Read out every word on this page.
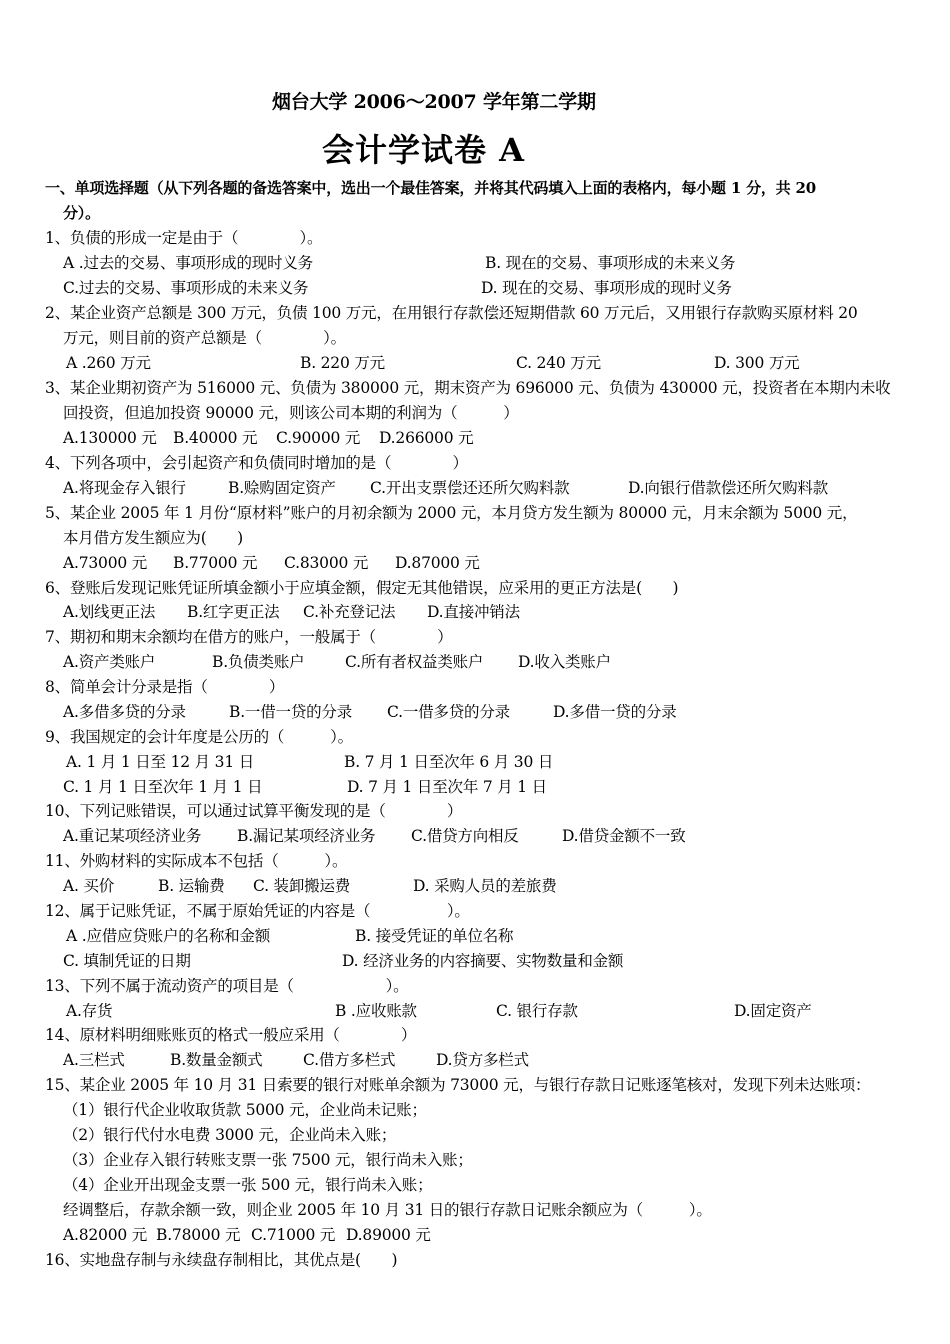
烟台大学 2006～2007 学年第二学期
会计学试卷 A
一、单项选择题（从下列各题的备选答案中，选出一个最佳答案，并将其代码填入上面的表格内，每小题 1 分，共 20
分）。
1、负债的形成一定是由于（　　　　）。
A .过去的交易、事项形成的现时义务	B. 现在的交易、事项形成的未来义务
C.过去的交易、事项形成的未来义务	D. 现在的交易、事项形成的现时义务
2、某企业资产总额是 300 万元，负债 100 万元，在用银行存款偿还短期借款 60 万元后，又用银行存款购买原材料 20
万元，则目前的资产总额是（　　　　）。
A .260 万元	B. 220 万元	C. 240 万元	D. 300 万元
3、某企业期初资产为 516000 元、负债为 380000 元，期末资产为 696000 元、负债为 430000 元，投资者在本期内未收
回投资，但追加投资 90000 元，则该公司本期的利润为（　　　）
A.130000 元 B.40000 元 C.90000 元 D.266000 元
4、下列各项中，会引起资产和负债同时增加的是（　　　　）
A.将现金存入银行	B.赊购固定资产 C.开出支票偿还还所欠购料款	D.向银行借款偿还所欠购料款
5、某企业 2005 年 1 月份“原材料”账户的月初余额为 2000 元，本月贷方发生额为 80000 元，月末余额为 5000 元，
本月借方发生额应为(　　)
A.73000 元 B.77000 元 C.83000 元 D.87000 元
6、登账后发现记账凭证所填金额小于应填金额，假定无其他错误，应采用的更正方法是(　　)
A.划线更正法 B.红字更正法 C.补充登记法 D.直接冲销法
7、期初和期末余额均在借方的账户，一般属于（　　　　）
A.资产类账户	B.负债类账户	C.所有者权益类账户 D.收入类账户
8、简单会计分录是指（　　　　）
A.多借多贷的分录	B.一借一贷的分录 C.一借多贷的分录	D.多借一贷的分录
9、我国规定的会计年度是公历的（　　　）。
A. 1 月 1 日至 12 月 31 日	B. 7 月 1 日至次年 6 月 30 日
C. 1 月 1 日至次年 1 月 1 日	D. 7 月 1 日至次年 7 月 1 日
10、下列记账错误，可以通过试算平衡发现的是（　　　　）
A.重记某项经济业务 B.漏记某项经济业务 C.借贷方向相反	D.借贷金额不一致
11、外购材料的实际成本不包括（　　　）。
A. 买价	B. 运输费 C. 装卸搬运费	D. 采购人员的差旅费
12、属于记账凭证，不属于原始凭证的内容是（　　　　　）。
A .应借应贷账户的名称和金额	B. 接受凭证的单位名称
C. 填制凭证的日期	D. 经济业务的内容摘要、实物数量和金额
13、下列不属于流动资产的项目是（　　　　　　）。
A.存货	B .应收账款	C. 银行存款	D.固定资产
14、原材料明细账账页的格式一般应采用（　　　　）
A.三栏式	B.数量金额式	C.借方多栏式	D.贷方多栏式
15、某企业 2005 年 10 月 31 日索要的银行对账单余额为 73000 元，与银行存款日记账逐笔核对，发现下列未达账项：
（1）银行代企业收取货款 5000 元，企业尚未记账；
（2）银行代付水电费 3000 元，企业尚未入账；
（3）企业存入银行转账支票一张 7500 元，银行尚未入账；
（4）企业开出现金支票一张 500 元，银行尚未入账；
经调整后，存款余额一致，则企业 2005 年 10 月 31 日的银行存款日记账余额应为（　　　）。
A.82000 元 B.78000 元 C.71000 元 D.89000 元
16、实地盘存制与永续盘存制相比，其优点是(　　)
